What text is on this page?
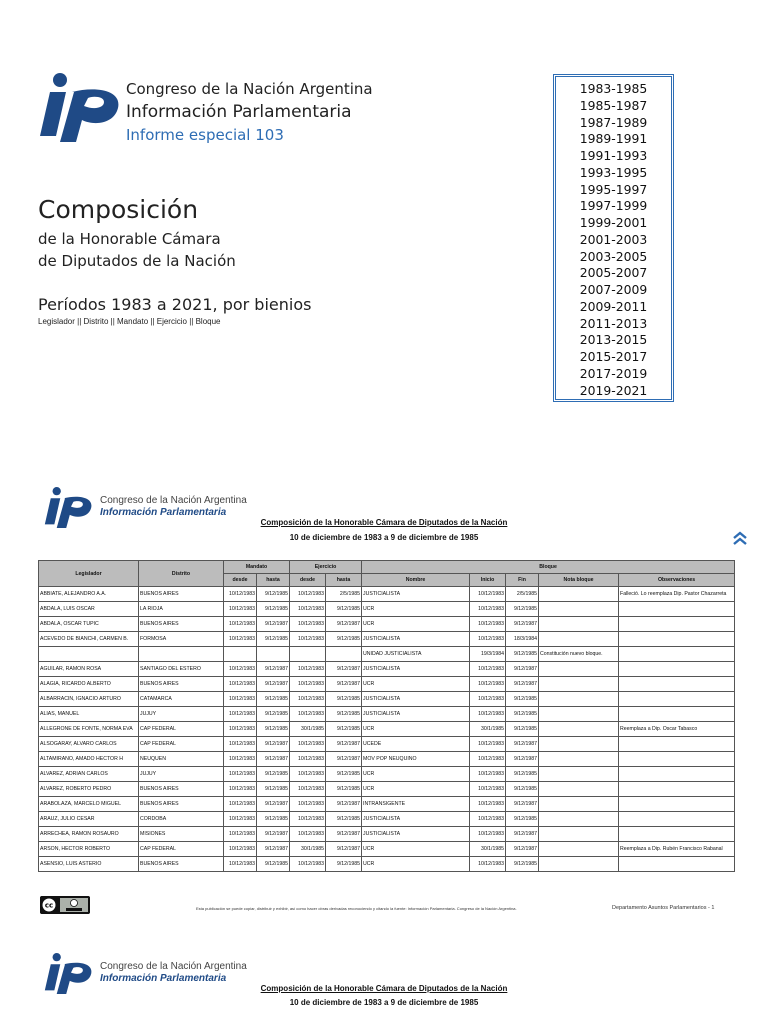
Congreso de la Nación Argentina
Información Parlamentaria
Informe especial 103
Composición
de la Honorable Cámara
de Diputados de la Nación
Períodos 1983 a 2021, por bienios
Legislador || Distrito || Mandato || Ejercicio || Bloque
1983-1985
1985-1987
1987-1989
1989-1991
1991-1993
1993-1995
1995-1997
1997-1999
1999-2001
2001-2003
2003-2005
2005-2007
2007-2009
2009-2011
2011-2013
2013-2015
2015-2017
2017-2019
2019-2021
Congreso de la Nación Argentina
Información Parlamentaria
Composición de la Honorable Cámara de Diputados de la Nación
10 de diciembre de 1983 a 9 de diciembre de 1985
Legislador	Distrito	Mandato		Ejercicio		Bloque				
		desde	hasta	desde	hasta	Nombre	Inicio	Fin	Nota bloque	Observaciones
ABBIATE, ALEJANDRO A.A.	BUENOS AIRES	10/12/1983	9/12/1985	10/12/1983	2/5/1985	JUSTICIALISTA	10/12/1983	2/5/1985		Falleció. Lo reemplaza Dip. Pastor Chazarreta
ABDALA, LUIS OSCAR	LA RIOJA	10/12/1983	9/12/1985	10/12/1983	9/12/1985	UCR	10/12/1983	9/12/1985		
ABDALA, OSCAR TUPIC	BUENOS AIRES	10/12/1983	9/12/1987	10/12/1983	9/12/1987	UCR	10/12/1983	9/12/1987		
ACEVEDO DE BIANCHI, CARMEN B.	FORMOSA	10/12/1983	9/12/1985	10/12/1983	9/12/1985	JUSTICIALISTA	10/12/1983	18/3/1984		
						UNIDAD JUSTICIALISTA	19/3/1984	9/12/1985	Constitución nuevo bloque.	
AGUILAR, RAMON ROSA	SANTIAGO DEL ESTERO	10/12/1983	9/12/1987	10/12/1983	9/12/1987	JUSTICIALISTA	10/12/1983	9/12/1987		
ALAGIA, RICARDO ALBERTO	BUENOS AIRES	10/12/1983	9/12/1987	10/12/1983	9/12/1987	UCR	10/12/1983	9/12/1987		
ALBARRACIN, IGNACIO ARTURO	CATAMARCA	10/12/1983	9/12/1985	10/12/1983	9/12/1985	JUSTICIALISTA	10/12/1983	9/12/1985		
ALIAS, MANUEL	JUJUY	10/12/1983	9/12/1985	10/12/1983	9/12/1985	JUSTICIALISTA	10/12/1983	9/12/1985		
ALLEGRONE DE FONTE, NORMA EVA	CAP FEDERAL	10/12/1983	9/12/1985	30/1/1985	9/12/1985	UCR	30/1/1985	9/12/1985		Reemplaza a Dip. Oscar Tabasco
ALSOGARAY, ALVARO CARLOS	CAP FEDERAL	10/12/1983	9/12/1987	10/12/1983	9/12/1987	UCEDE	10/12/1983	9/12/1987		
ALTAMIRANO, AMADO HECTOR H	NEUQUEN	10/12/1983	9/12/1987	10/12/1983	9/12/1987	MOV POP NEUQUINO	10/12/1983	9/12/1987		
ALVAREZ, ADRIAN CARLOS	JUJUY	10/12/1983	9/12/1985	10/12/1983	9/12/1985	UCR	10/12/1983	9/12/1985		
ALVAREZ, ROBERTO PEDRO	BUENOS AIRES	10/12/1983	9/12/1985	10/12/1983	9/12/1985	UCR	10/12/1983	9/12/1985		
ARABOLAZA, MARCELO MIGUEL	BUENOS AIRES	10/12/1983	9/12/1987	10/12/1983	9/12/1987	INTRANSIGENTE	10/12/1983	9/12/1987		
ARAUZ, JULIO CESAR	CORDOBA	10/12/1983	9/12/1985	10/12/1983	9/12/1985	JUSTICIALISTA	10/12/1983	9/12/1985		
ARRECHEA, RAMON ROSAURO	MISIONES	10/12/1983	9/12/1987	10/12/1983	9/12/1987	JUSTICIALISTA	10/12/1983	9/12/1987		
ARSON, HECTOR ROBERTO	CAP FEDERAL	10/12/1983	9/12/1987	30/1/1985	9/12/1987	UCR	30/1/1985	9/12/1987		Reemplaza a Dip. Rubén Francisco Rabanal
ASENSIO, LUIS ASTERIO	BUENOS AIRES	10/12/1983	9/12/1985	10/12/1983	9/12/1985	UCR	10/12/1983	9/12/1985		
cc	Esta publicación se puede copiar, distribuir y exhibir, así como hacer obras derivadas reconociendo y citando la fuente: Información Parlamentaria. Congreso de la Nación Argentina.	Departamento Asuntos Parlamentarios - 1
Congreso de la Nación Argentina
Información Parlamentaria
Composición de la Honorable Cámara de Diputados de la Nación
10 de diciembre de 1983 a 9 de diciembre de 1985
